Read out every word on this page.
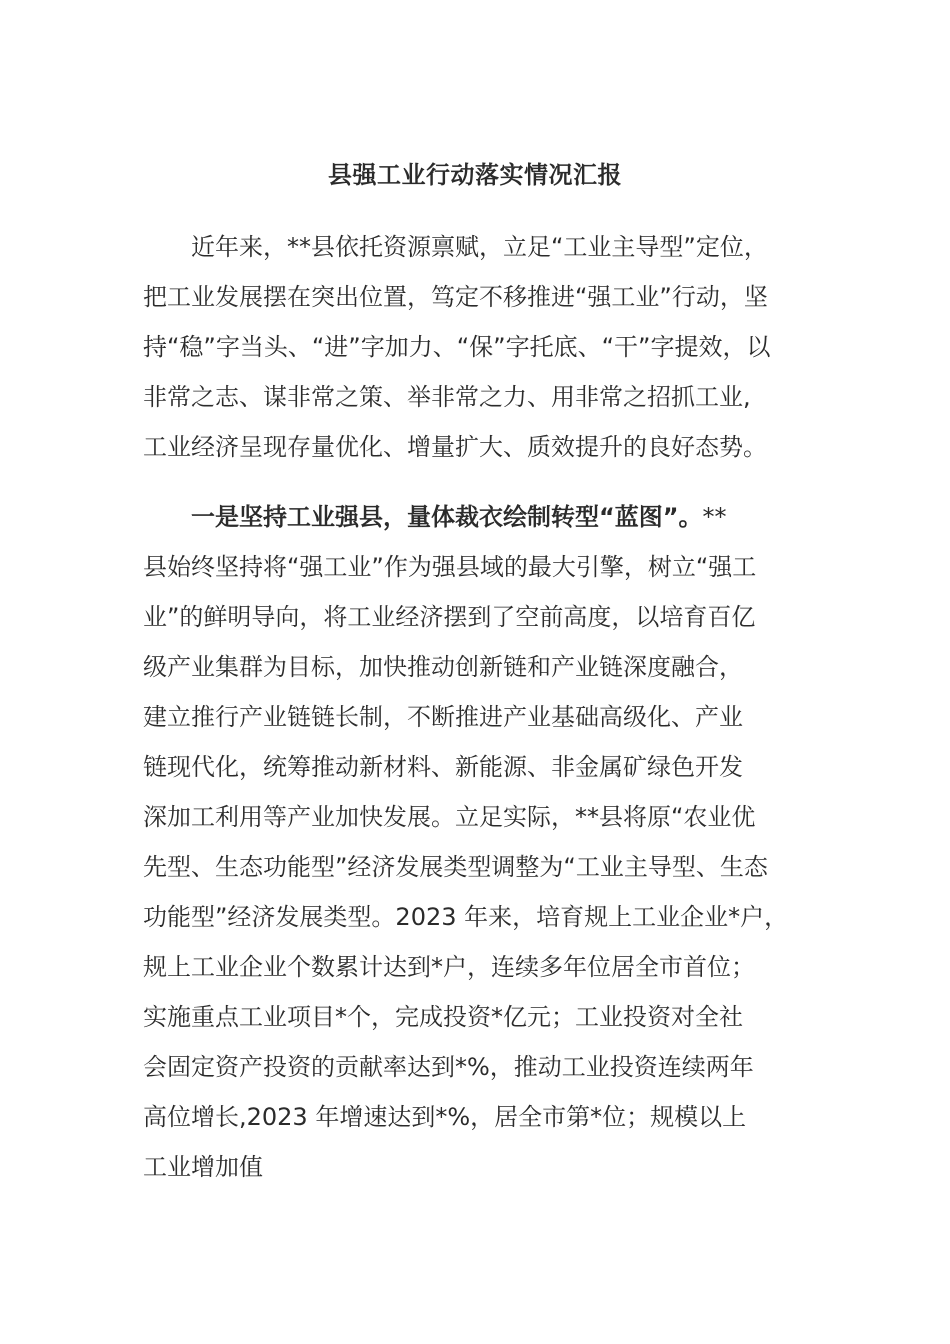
县强工业行动落实情况汇报
　　近年来，**县依托资源禀赋，立足“工业主导型”定位，
把工业发展摆在突出位置，笃定不移推进“强工业”行动，坚
持“稳”字当头、“进”字加力、“保”字托底、“干”字提效，以
非常之志、谋非常之策、举非常之力、用非常之招抓工业,
工业经济呈现存量优化、增量扩大、质效提升的良好态势。
　　一是坚持工业强县，量体裁衣绘制转型“蓝图”。**
县始终坚持将“强工业”作为强县域的最大引擎，树立“强工
业”的鲜明导向，将工业经济摆到了空前高度，以培育百亿
级产业集群为目标，加快推动创新链和产业链深度融合，
建立推行产业链链长制，不断推进产业基础高级化、产业
链现代化，统筹推动新材料、新能源、非金属矿绿色开发
深加工利用等产业加快发展。立足实际，**县将原“农业优
先型、生态功能型”经济发展类型调整为“工业主导型、生态
功能型”经济发展类型。2023 年来，培育规上工业企业*户，
规上工业企业个数累计达到*户，连续多年位居全市首位；
实施重点工业项目*个，完成投资*亿元；工业投资对全社
会固定资产投资的贡献率达到*%，推动工业投资连续两年
高位增长,2023 年增速达到*%，居全市第*位；规模以上
工业增加值
